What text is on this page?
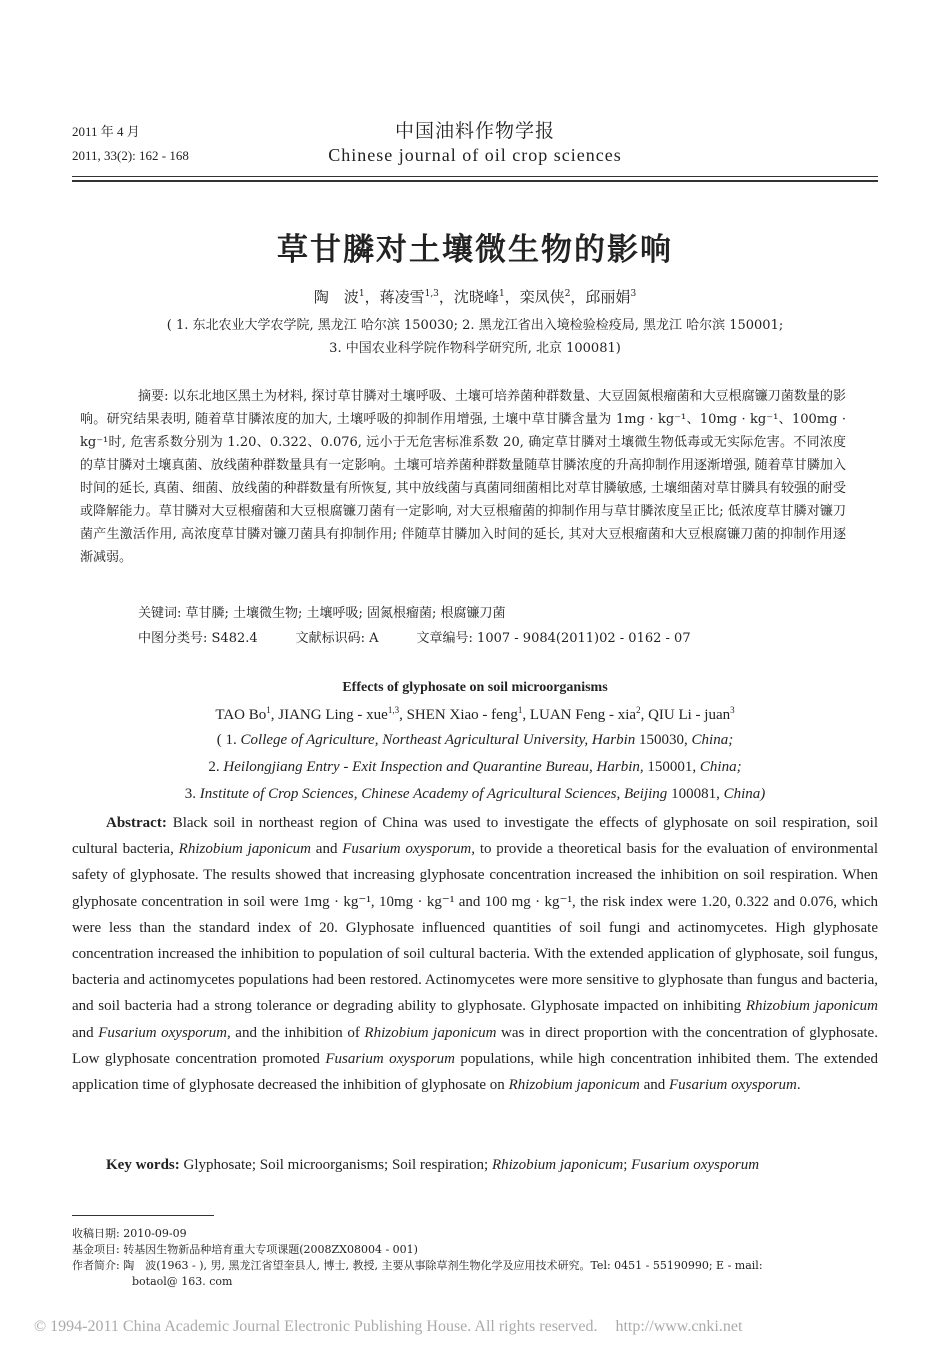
2011 年 4 月
2011, 33(2): 162 - 168
中国油料作物学报
Chinese journal of oil crop sciences
草甘膦对土壤微生物的影响
陶　波$^1$，蒋凌雪$^{1,3}$，沈晓峰$^1$，栾凤侠$^2$，邱丽娟$^3$
( 1. 东北农业大学农学院, 黑龙江 哈尔滨 150030; 2. 黑龙江省出入境检验检疫局, 黑龙江 哈尔滨 150001;
3. 中国农业科学院作物科学研究所, 北京 100081)
摘要: 以东北地区黑土为材料, 探讨草甘膦对土壤呼吸、土壤可培养菌种群数量、大豆固氮根瘤菌和大豆根腐镰刀菌数量的影响。研究结果表明, 随着草甘膦浓度的加大, 土壤呼吸的抑制作用增强, 土壤中草甘膦含量为 1mg · kg⁻¹、10mg · kg⁻¹、100mg · kg⁻¹时, 危害系数分别为 1.20、0.322、0.076, 远小于无危害标准系数 20, 确定草甘膦对土壤微生物低毒或无实际危害。不同浓度的草甘膦对土壤真菌、放线菌种群数量具有一定影响。土壤可培养菌种群数量随草甘膦浓度的升高抑制作用逐渐增强, 随着草甘膦加入时间的延长, 真菌、细菌、放线菌的种群数量有所恢复, 其中放线菌与真菌同细菌相比对草甘膦敏感, 土壤细菌对草甘膦具有较强的耐受或降解能力。草甘膦对大豆根瘤菌和大豆根腐镰刀菌有一定影响, 对大豆根瘤菌的抑制作用与草甘膦浓度呈正比; 低浓度草甘膦对镰刀菌产生激活作用, 高浓度草甘膦对镰刀菌具有抑制作用; 伴随草甘膦加入时间的延长, 其对大豆根瘤菌和大豆根腐镰刀菌的抑制作用逐渐减弱。
关键词: 草甘膦; 土壤微生物; 土壤呼吸; 固氮根瘤菌; 根腐镰刀菌
中图分类号: S482.4	文献标识码: A	文章编号: 1007 - 9084(2011)02 - 0162 - 07
Effects of glyphosate on soil microorganisms
TAO Bo$^1$, JIANG Ling - xue$^{1,3}$, SHEN Xiao - feng$^1$, LUAN Feng - xia$^2$, QIU Li - juan$^3$
( 1. College of Agriculture, Northeast Agricultural University, Harbin 150030, China;
2. Heilongjiang Entry - Exit Inspection and Quarantine Bureau, Harbin, 150001, China;
3. Institute of Crop Sciences, Chinese Academy of Agricultural Sciences, Beijing 100081, China)
Abstract: Black soil in northeast region of China was used to investigate the effects of glyphosate on soil respiration, soil cultural bacteria, Rhizobium japonicum and Fusarium oxysporum, to provide a theoretical basis for the evaluation of environmental safety of glyphosate. The results showed that increasing glyphosate concentration increased the inhibition on soil respiration. When glyphosate concentration in soil were 1mg · kg⁻¹, 10mg · kg⁻¹ and 100 mg · kg⁻¹, the risk index were 1.20, 0.322 and 0.076, which were less than the standard index of 20. Glyphosate influenced quantities of soil fungi and actinomycetes. High glyphosate concentration increased the inhibition to population of soil cultural bacteria. With the extended application of glyphosate, soil fungus, bacteria and actinomycetes populations had been restored. Actinomycetes were more sensitive to glyphosate than fungus and bacteria, and soil bacteria had a strong tolerance or degrading ability to glyphosate. Glyphosate impacted on inhibiting Rhizobium japonicum and Fusarium oxysporum, and the inhibition of Rhizobium japonicum was in direct proportion with the concentration of glyphosate. Low glyphosate concentration promoted Fusarium oxysporum populations, while high concentration inhibited them. The extended application time of glyphosate decreased the inhibition of glyphosate on Rhizobium japonicum and Fusarium oxysporum.
Key words: Glyphosate; Soil microorganisms; Soil respiration; Rhizobium japonicum; Fusarium oxysporum
收稿日期: 2010-09-09
基金项目: 转基因生物新品种培育重大专项课题(2008ZX08004 - 001)
作者简介: 陶　波(1963 - ), 男, 黑龙江省望奎县人, 博士, 教授, 主要从事除草剂生物化学及应用技术研究。Tel: 0451 - 55190990; E - mail:
botaol@ 163. com
© 1994-2011 China Academic Journal Electronic Publishing House. All rights reserved. http://www.cnki.net
